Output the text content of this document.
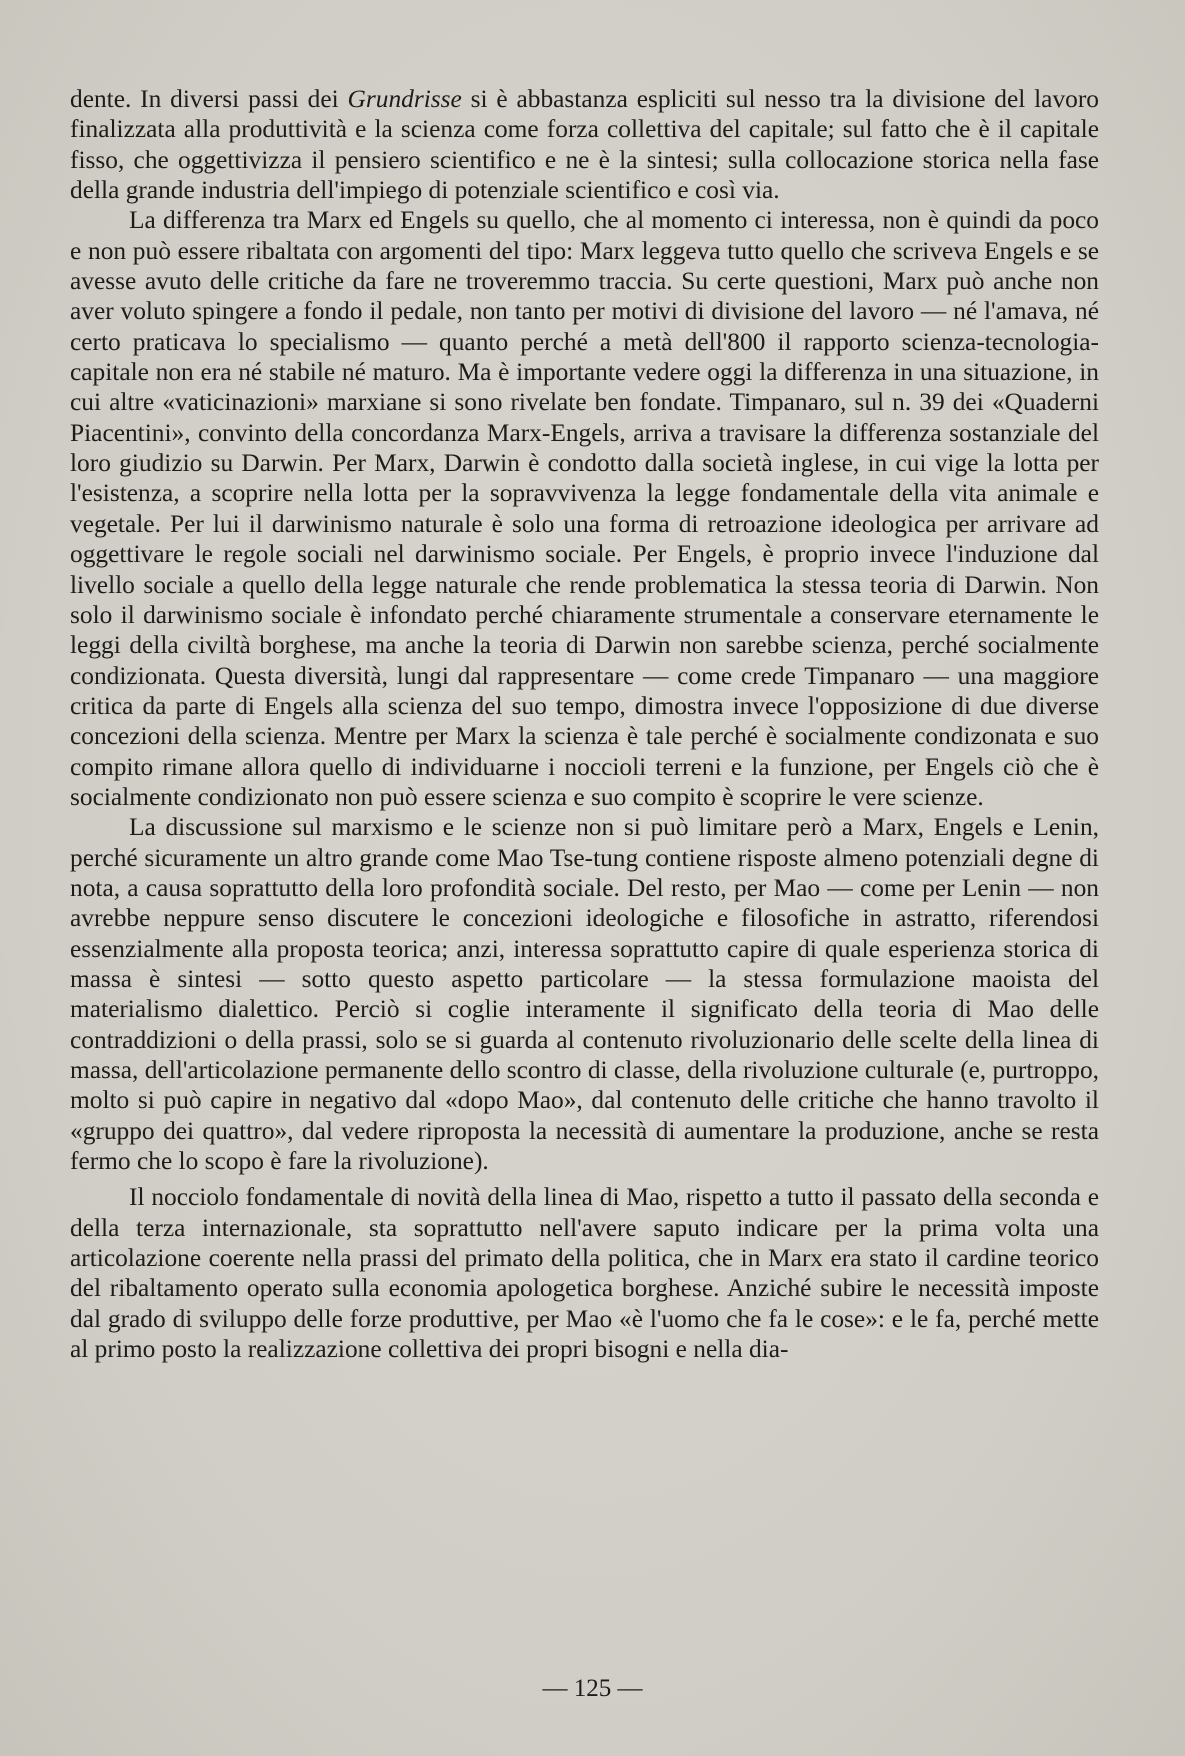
dente. In diversi passi dei Grundrisse si è abbastanza espliciti sul nesso tra la divisione del lavoro finalizzata alla produttività e la scienza come forza collettiva del capitale; sul fatto che è il capitale fisso, che oggettivizza il pensiero scientifico e ne è la sintesi; sulla collocazione storica nella fase della grande industria dell'impiego di potenziale scientifico e così via.

La differenza tra Marx ed Engels su quello, che al momento ci interessa, non è quindi da poco e non può essere ribaltata con argomenti del tipo: Marx leggeva tutto quello che scriveva Engels e se avesse avuto delle critiche da fare ne troveremmo traccia. Su certe questioni, Marx può anche non aver voluto spingere a fondo il pedale, non tanto per motivi di divisione del lavoro — né l'amava, né certo praticava lo specialismo — quanto perché a metà dell'800 il rapporto scienza-tecnologia-capitale non era né stabile né maturo. Ma è importante vedere oggi la differenza in una situazione, in cui altre «vaticinazioni» marxiane si sono rivelate ben fondate. Timpanaro, sul n. 39 dei «Quaderni Piacentini», convinto della concordanza Marx-Engels, arriva a travisare la differenza sostanziale del loro giudizio su Darwin. Per Marx, Darwin è condotto dalla società inglese, in cui vige la lotta per l'esistenza, a scoprire nella lotta per la sopravvivenza la legge fondamentale della vita animale e vegetale. Per lui il darwinismo naturale è solo una forma di retroazione ideologica per arrivare ad oggettivare le regole sociali nel darwinismo sociale. Per Engels, è proprio invece l'induzione dal livello sociale a quello della legge naturale che rende problematica la stessa teoria di Darwin. Non solo il darwinismo sociale è infondato perché chiaramente strumentale a conservare eternamente le leggi della civiltà borghese, ma anche la teoria di Darwin non sarebbe scienza, perché socialmente condizionata. Questa diversità, lungi dal rappresentare — come crede Timpanaro — una maggiore critica da parte di Engels alla scienza del suo tempo, dimostra invece l'opposizione di due diverse concezioni della scienza. Mentre per Marx la scienza è tale perché è socialmente condizonata e suo compito rimane allora quello di individuarne i noccioli terreni e la funzione, per Engels ciò che è socialmente condizionato non può essere scienza e suo compito è scoprire le vere scienze.

La discussione sul marxismo e le scienze non si può limitare però a Marx, Engels e Lenin, perché sicuramente un altro grande come Mao Tse-tung contiene risposte almeno potenziali degne di nota, a causa soprattutto della loro profondità sociale. Del resto, per Mao — come per Lenin — non avrebbe neppure senso discutere le concezioni ideologiche e filosofiche in astratto, riferendosi essenzialmente alla proposta teorica; anzi, interessa soprattutto capire di quale esperienza storica di massa è sintesi — sotto questo aspetto particolare — la stessa formulazione maoista del materialismo dialettico. Perciò si coglie interamente il significato della teoria di Mao delle contraddizioni o della prassi, solo se si guarda al contenuto rivoluzionario delle scelte della linea di massa, dell'articolazione permanente dello scontro di classe, della rivoluzione culturale (e, purtroppo, molto si può capire in negativo dal «dopo Mao», dal contenuto delle critiche che hanno travolto il «gruppo dei quattro», dal vedere riproposta la necessità di aumentare la produzione, anche se resta fermo che lo scopo è fare la rivoluzione).

Il nocciolo fondamentale di novità della linea di Mao, rispetto a tutto il passato della seconda e della terza internazionale, sta soprattutto nell'avere saputo indicare per la prima volta una articolazione coerente nella prassi del primato della politica, che in Marx era stato il cardine teorico del ribaltamento operato sulla economia apologetica borghese. Anziché subire le necessità imposte dal grado di sviluppo delle forze produttive, per Mao «è l'uomo che fa le cose»: e le fa, perché mette al primo posto la realizzazione collettiva dei propri bisogni e nella dia-

— 125 —
